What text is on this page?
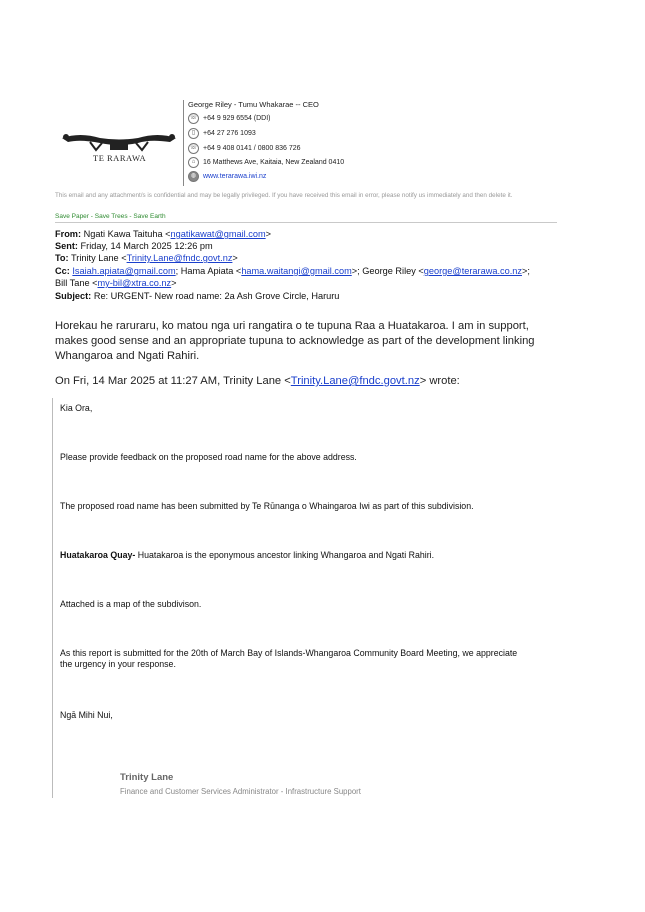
TE RARAWA
George Riley - Tumu Whakarae -- CEO
☏ +64 9 929 6554 (DDI)
▯	+64 27 276 1093
☏ +64 9 408 0141 / 0800 836 726
⌂	16 Matthews Ave, Kaitaia, New Zealand 0410
◍ www.terarawa.iwi.nz
This email and any attachment/s is confidential and may be legally privileged. If you have received this email in error, please notify us immediately and then delete it.
Save Paper - Save Trees - Save Earth
From: Ngati Kawa Taituha <ngatikawat@gmail.com>
Sent: Friday, 14 March 2025 12:26 pm
To: Trinity Lane <Trinity.Lane@fndc.govt.nz>
Cc: Isaiah.apiata@gmail.com; Hama Apiata <hama.waitangi@gmail.com>; George Riley <george@terarawa.co.nz>;
Bill Tane <my-bil@xtra.co.nz>
Subject: Re: URGENT- New road name: 2a Ash Grove Circle, Haruru
Horekau he raruraru, ko matou nga uri rangatira o te tupuna Raa a Huatakaroa. I am in support, makes good sense and an appropriate tupuna to acknowledge as part of the development linking Whangaroa and Ngati Rahiri.
On Fri, 14 Mar 2025 at 11:27 AM, Trinity Lane <Trinity.Lane@fndc.govt.nz> wrote:
Kia Ora,
Please provide feedback on the proposed road name for the above address.
The proposed road name has been submitted by Te Rūnanga o Whaingaroa Iwi as part of this subdivision.
Huatakaroa Quay- Huatakaroa is the eponymous ancestor linking Whangaroa and Ngati Rahiri.
Attached is a map of the subdivison.
As this report is submitted for the 20th of March Bay of Islands-Whangaroa Community Board Meeting, we appreciate the urgency in your response.
Ngā Mihi Nui,
Trinity Lane
Finance and Customer Services Administrator - Infrastructure Support
